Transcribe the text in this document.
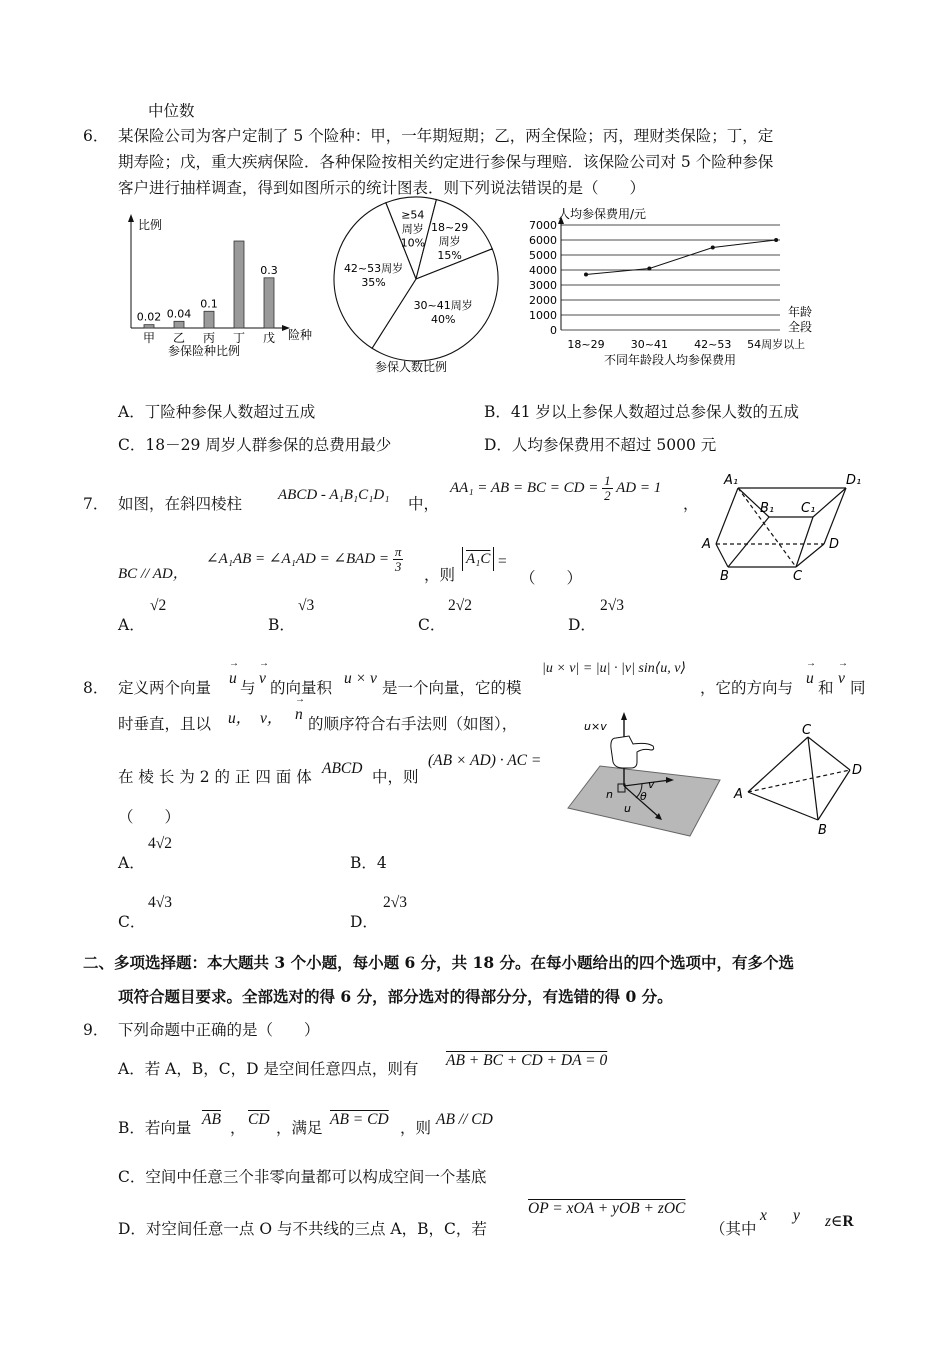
中位数
6． 某保险公司为客户定制了 5 个险种：甲，一年期短期；乙，两全保险；丙，理财类保险；丁，定
期寿险；戊，重大疾病保险．各种保险按相关约定进行参保与理赔．该保险公司对 5 个险种参保
客户进行抽样调查，得到如图所示的统计图表．则下列说法错误的是（　　）
比例
险种
0.02
甲
0.04
乙
0.1
丙 丁
0.3
戊
参保险种比例
≥54
周岁
10%
18~29
周岁
15%
30~41周岁
40%
42~53周岁
35%
参保人数比例
人均参保费用/元
0
1000
2000
3000
4000
5000
6000
7000
18~29 30~41 42~53 54周岁以上
年龄
全段
不同年龄段人均参保费用
A．丁险种参保人数超过五成	B．41 岁以上参保人数超过总参保人数的五成
C．18－29 周岁人群参保的总费用最少	D．人均参保费用不超过 5000 元
7． 如图，在斜四棱柱 ABCD - A₁B₁C₁D₁ 中，
AA₁ = AB = BC = CD = $\frac{1}{2}$ AD = 1
，
BC // AD，
∠A₁AB = ∠A₁AD = ∠BAD = $\frac{\pi}{3}$
，则
A₁C =
（　　）
A₁	D₁
B₁ C₁
A	D
B	C
A．
√2
B．
√3
C．
2√2
D．
2√3
8． 定义两个向量
→ u
与
→ v
的向量积
u × v
是一个向量，它的模
|u × v| = |u| · |v| sin⟨u, v⟩
，它的方向与
→ u
和
→ v
同
时垂直，且以 u， v， → n
的顺序符合右手法则（如图），
在 棱 长 为 2 的 正 四 面 体 ABCD 中，则
(AB × AD) · AC =
（　　）
u×v
n
v
u
θ
C
D
A
B
A．
4√2
B．4
C．
4√3
D．
2√3
二、多项选择题：本大题共 3 个小题，每小题 6 分，共 18 分。在每小题给出的四个选项中，有多个选
项符合题目要求。全部选对的得 6 分，部分选对的得部分分，有选错的得 0 分。
9． 下列命题中正确的是（　　）
A．若 A，B，C，D 是空间任意四点，则有 AB + BC + CD + DA = 0
B．若向量 $\overline{AB}$ ， $\overline{CD}$ ，满足 AB = CD ，则 AB // CD
C．空间中任意三个非零向量都可以构成空间一个基底
D．对空间任意一点 O 与不共线的三点 A，B，C，若
OP = xOA + yOB + zOC
（其中
x y z∈R
